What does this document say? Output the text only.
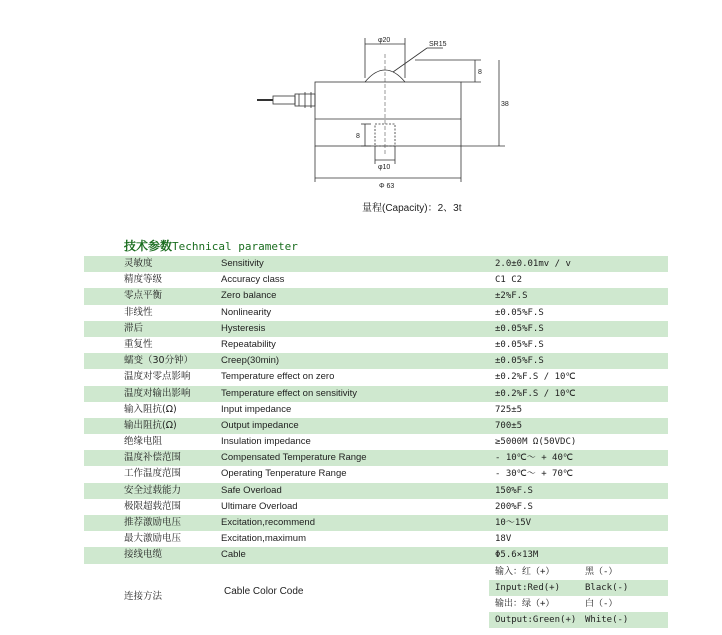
φ20
SR15
8
38
8
φ10
Φ 63
量程(Capacity)：2、3t
技术参数Technical parameter
灵敏度	Sensitivity	2.0±0.01mv / v
精度等级	Accuracy class	C1 C2
零点平衡	Zero balance	±2%F.S
非线性	Nonlinearity	±0.05%F.S
滞后	Hysteresis	±0.05%F.S
重复性	Repeatability	±0.05%F.S
蠕变（30分钟）	Creep(30min)	±0.05%F.S
温度对零点影响	Temperature effect on zero	±0.2%F.S / 10℃
温度对输出影响	Temperature effect on sensitivity	±0.2%F.S / 10℃
输入阻抗(Ω)	Input impedance	725±5
输出阻抗(Ω)	Output impedance	700±5
绝缘电阻	Insulation impedance	≥5000M Ω(50VDC)
温度补偿范围	Compensated Temperature Range	- 10℃～ + 40℃
工作温度范围	Operating Tenperature Range	- 30℃～ + 70℃
安全过载能力	Safe Overload	150%F.S
极限超载范围	Ultimare Overload	200%F.S
推荐激励电压	Excitation,recommend	10～15V
最大激励电压	Excitation,maximum	18V
接线电缆	Cable	Φ5.6×13M
连接方法	Cable Color Code
输入：红（+）	黑（-）
Input:Red(+)	Black(-)
输出：绿（+）	白（-）
Output:Green(+) White(-)
